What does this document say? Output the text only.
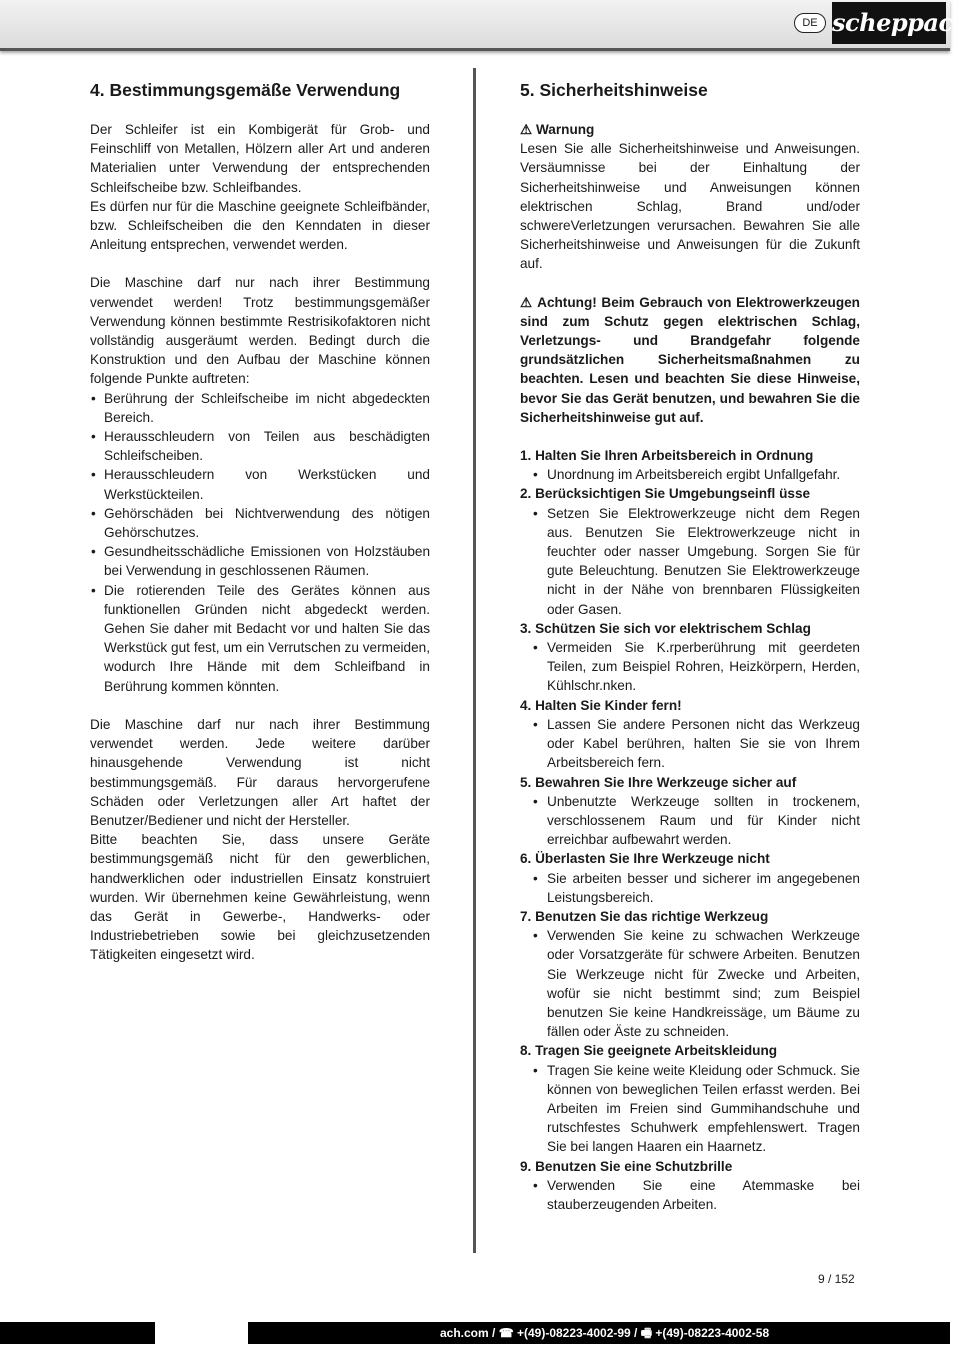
DE scheppach
4. Bestimmungsgemäße Verwendung

Der Schleifer ist ein Kombigerät für Grob- und Feinschliff von Metallen, Hölzern aller Art und anderen Materialien unter Verwendung der entsprechenden Schleifscheibe bzw. Schleifbandes.

Es dürfen nur für die Maschine geeignete Schleifbänder, bzw. Schleifscheiben die den Kenndaten in dieser Anleitung entsprechen, verwendet werden.

Die Maschine darf nur nach ihrer Bestimmung verwendet werden! Trotz bestimmungsgemäßer Verwendung können bestimmte Restrisikofaktoren nicht vollständig ausgeräumt werden. Bedingt durch die Konstruktion und den Aufbau der Maschine können folgende Punkte auftreten:

• Berührung der Schleifscheibe im nicht abgedeckten Bereich.
• Herausschleudern von Teilen aus beschädigten Schleifscheiben.
• Herausschleudern von Werkstücken und Werkstückteilen.
• Gehörschäden bei Nichtverwendung des nötigen Gehörschutzes.
• Gesundheitsschädliche Emissionen von Holzstäuben bei Verwendung in geschlossenen Räumen.
• Die rotierenden Teile des Gerätes können aus funktionellen Gründen nicht abgedeckt werden. Gehen Sie daher mit Bedacht vor und halten Sie das Werkstück gut fest, um ein Verrutschen zu vermeiden, wodurch Ihre Hände mit dem Schleifband in Berührung kommen könnten.

Die Maschine darf nur nach ihrer Bestimmung verwendet werden. Jede weitere darüber hinausgehende Verwendung ist nicht bestimmungsgemäß. Für daraus hervorgerufene Schäden oder Verletzungen aller Art haftet der Benutzer/Bediener und nicht der Hersteller.

Bitte beachten Sie, dass unsere Geräte bestimmungsgemäß nicht für den gewerblichen, handwerklichen oder industriellen Einsatz konstruiert wurden. Wir übernehmen keine Gewährleistung, wenn das Gerät in Gewerbe-, Handwerks- oder Industriebetrieben sowie bei gleichzusetzenden Tätigkeiten eingesetzt wird.

5. Sicherheitshinweise
⚠ Warnung

Lesen Sie alle Sicherheitshinweise und Anweisungen. Versäumnisse bei der Einhaltung der Sicherheitshinweise und Anweisungen können elektrischen Schlag, Brand und/oder schwereVerletzungen verursachen. Bewahren Sie alle Sicherheitshinweise und Anweisungen für die Zukunft auf.

⚠ Achtung! Beim Gebrauch von Elektrowerkzeugen sind zum Schutz gegen elektrischen Schlag, Verletzungs- und Brandgefahr folgende grundsätzlichen Sicherheitsmaßnahmen zu beachten. Lesen und beachten Sie diese Hinweise, bevor Sie das Gerät benutzen, und bewahren Sie die Sicherheitshinweise gut auf.

1. Halten Sie Ihren Arbeitsbereich in Ordnung
• Unordnung im Arbeitsbereich ergibt Unfallgefahr.
2. Berücksichtigen Sie Umgebungseinfl üsse
• Setzen Sie Elektrowerkzeuge nicht dem Regen aus. Benutzen Sie Elektrowerkzeuge nicht in feuchter oder nasser Umgebung. Sorgen Sie für gute Beleuchtung. Benutzen Sie Elektrowerkzeuge nicht in der Nähe von brennbaren Flüssigkeiten oder Gasen.
3. Schützen Sie sich vor elektrischem Schlag
• Vermeiden Sie K.rperberührung mit geerdeten Teilen, zum Beispiel Rohren, Heizkörpern, Herden, Kühlschr.nken.
4. Halten Sie Kinder fern!
• Lassen Sie andere Personen nicht das Werkzeug oder Kabel berühren, halten Sie sie von Ihrem Arbeitsbereich fern.
5. Bewahren Sie Ihre Werkzeuge sicher auf
• Unbenutzte Werkzeuge sollten in trockenem, verschlossenem Raum und für Kinder nicht erreichbar aufbewahrt werden.
6. Überlasten Sie Ihre Werkzeuge nicht
• Sie arbeiten besser und sicherer im angegebenen Leistungsbereich.
7. Benutzen Sie das richtige Werkzeug
• Verwenden Sie keine zu schwachen Werkzeuge oder Vorsatzgeräte für schwere Arbeiten. Benutzen Sie Werkzeuge nicht für Zwecke und Arbeiten, wofür sie nicht bestimmt sind; zum Beispiel benutzen Sie keine Handkreissäge, um Bäume zu fällen oder Äste zu schneiden.
8. Tragen Sie geeignete Arbeitskleidung
• Tragen Sie keine weite Kleidung oder Schmuck. Sie können von beweglichen Teilen erfasst werden. Bei Arbeiten im Freien sind Gummihandschuhe und rutschfestes Schuhwerk empfehlenswert. Tragen Sie bei langen Haaren ein Haarnetz.
9. Benutzen Sie eine Schutzbrille
• Verwenden Sie eine Atemmaske bei stauberzeugenden Arbeiten.
9 / 152
ach.com / ☎ +(49)-08223-4002-99 / 🖷 +(49)-08223-4002-58
